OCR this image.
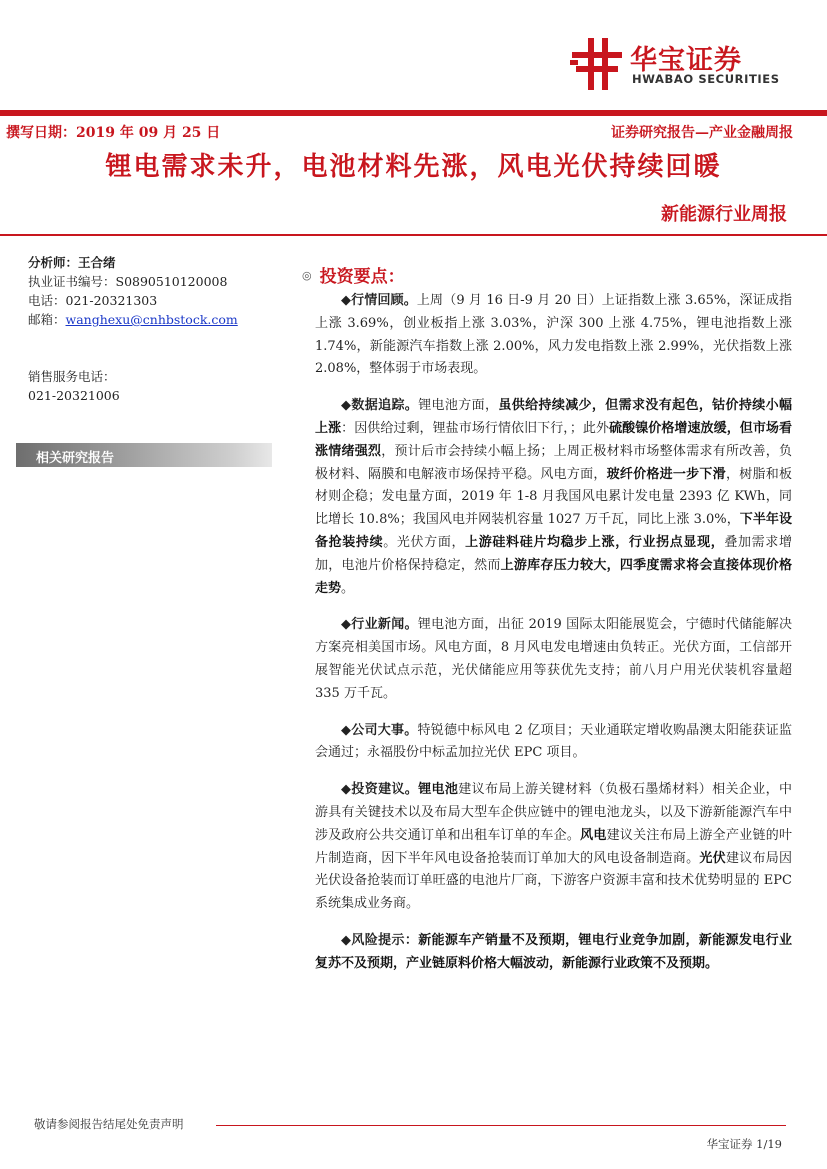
华宝证券
HWABAO SECURITIES
撰写日期：2019 年 09 月 25 日	证券研究报告—产业金融周报
锂电需求未升，电池材料先涨，风电光伏持续回暖
新能源行业周报
分析师：王合绪
执业证书编号：S0890510120008
电话：021-20321303
邮箱：wanghexu@cnhbstock.com
销售服务电话：
021-20321006
相关研究报告
◎ 投资要点：

◆行情回顾。上周（9 月 16 日-9 月 20 日）上证指数上涨 3.65%，深证成指上涨 3.69%，创业板指上涨 3.03%，沪深 300 上涨 4.75%，锂电池指数上涨 1.74%，新能源汽车指数上涨 2.00%，风力发电指数上涨 2.99%，光伏指数上涨 2.08%，整体弱于市场表现。

◆数据追踪。锂电池方面，虽供给持续减少，但需求没有起色，钴价持续小幅上涨：因供给过剩，锂盐市场行情依旧下行，；此外硫酸镍价格增速放缓，但市场看涨情绪强烈，预计后市会持续小幅上扬；上周正极材料市场整体需求有所改善，负极材料、隔膜和电解液市场保持平稳。风电方面，玻纤价格进一步下滑，树脂和板材则企稳；发电量方面，2019 年 1-8 月我国风电累计发电量 2393 亿 KWh，同比增长 10.8%；我国风电并网装机容量 1027 万千瓦，同比上涨 3.0%，下半年设备抢装持续。光伏方面，上游硅料硅片均稳步上涨，行业拐点显现，叠加需求增加，电池片价格保持稳定，然而上游库存压力较大，四季度需求将会直接体现价格走势。

◆行业新闻。锂电池方面，出征 2019 国际太阳能展览会，宁德时代储能解决方案亮相美国市场。风电方面，8 月风电发电增速由负转正。光伏方面，工信部开展智能光伏试点示范，光伏储能应用等获优先支持；前八月户用光伏装机容量超 335 万千瓦。

◆公司大事。特锐德中标风电 2 亿项目；天业通联定增收购晶澳太阳能获证监会通过；永福股份中标孟加拉光伏 EPC 项目。

◆投资建议。锂电池建议布局上游关键材料（负极石墨烯材料）相关企业，中游具有关键技术以及布局大型车企供应链中的锂电池龙头，以及下游新能源汽车中涉及政府公共交通订单和出租车订单的车企。风电建议关注布局上游全产业链的叶片制造商，因下半年风电设备抢装而订单加大的风电设备制造商。光伏建议布局因光伏设备抢装而订单旺盛的电池片厂商，下游客户资源丰富和技术优势明显的 EPC 系统集成业务商。

◆风险提示：新能源车产销量不及预期，锂电行业竞争加剧，新能源发电行业复苏不及预期，产业链原料价格大幅波动，新能源行业政策不及预期。

敬请参阅报告结尾处免责声明
华宝证券 1/19
